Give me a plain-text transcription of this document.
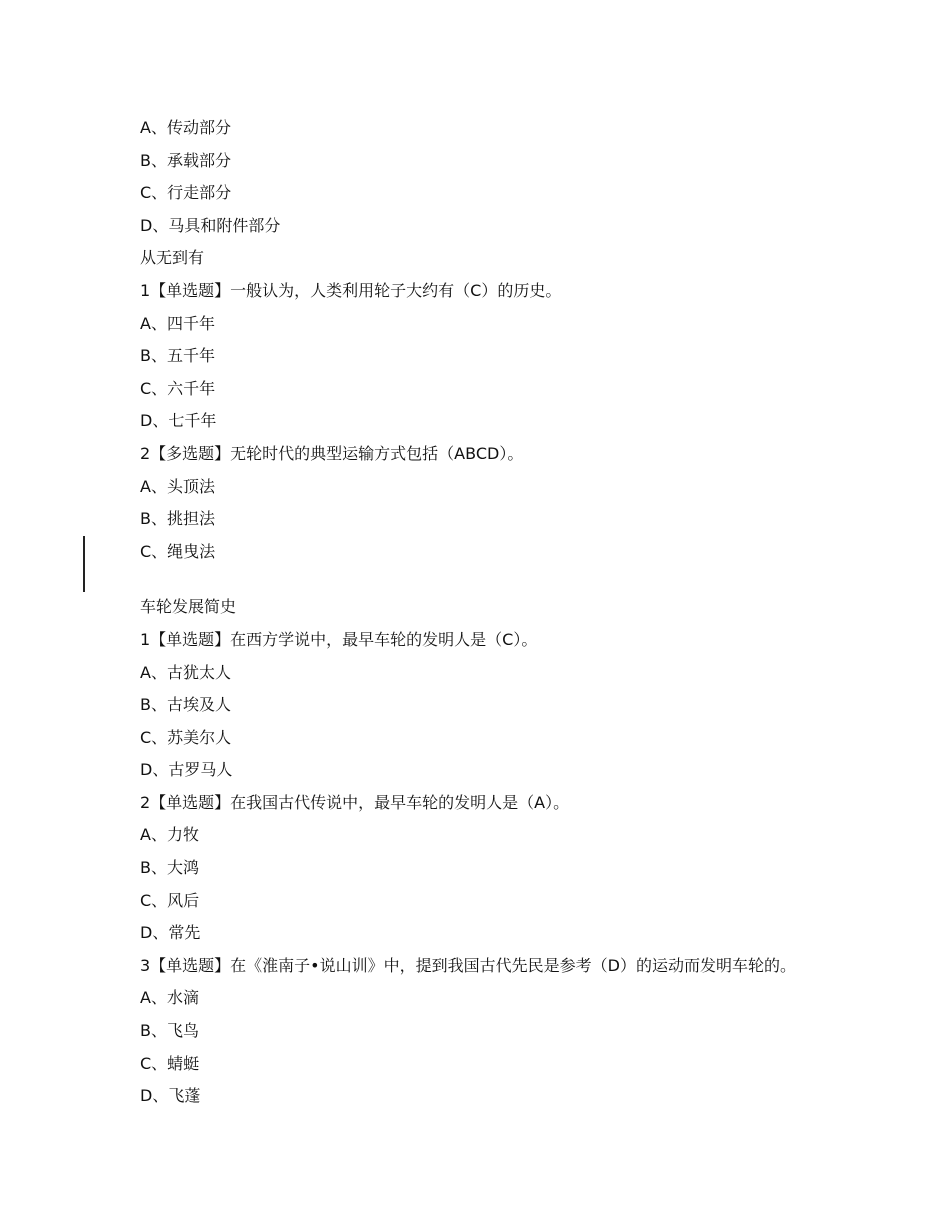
A、传动部分
B、承载部分
C、行走部分
D、马具和附件部分
从无到有
1【单选题】一般认为，人类利用轮子大约有（C）的历史。
A、四千年
B、五千年
C、六千年
D、七千年
2【多选题】无轮时代的典型运输方式包括（ABCD）。
A、头顶法
B、挑担法
C、绳曳法
车轮发展简史
1【单选题】在西方学说中，最早车轮的发明人是（C）。
A、古犹太人
B、古埃及人
C、苏美尔人
D、古罗马人
2【单选题】在我国古代传说中，最早车轮的发明人是（A）。
A、力牧
B、大鸿
C、风后
D、常先
3【单选题】在《淮南子•说山训》中，提到我国古代先民是参考（D）的运动而发明车轮的。
A、水滴
B、飞鸟
C、蜻蜓
D、飞蓬
